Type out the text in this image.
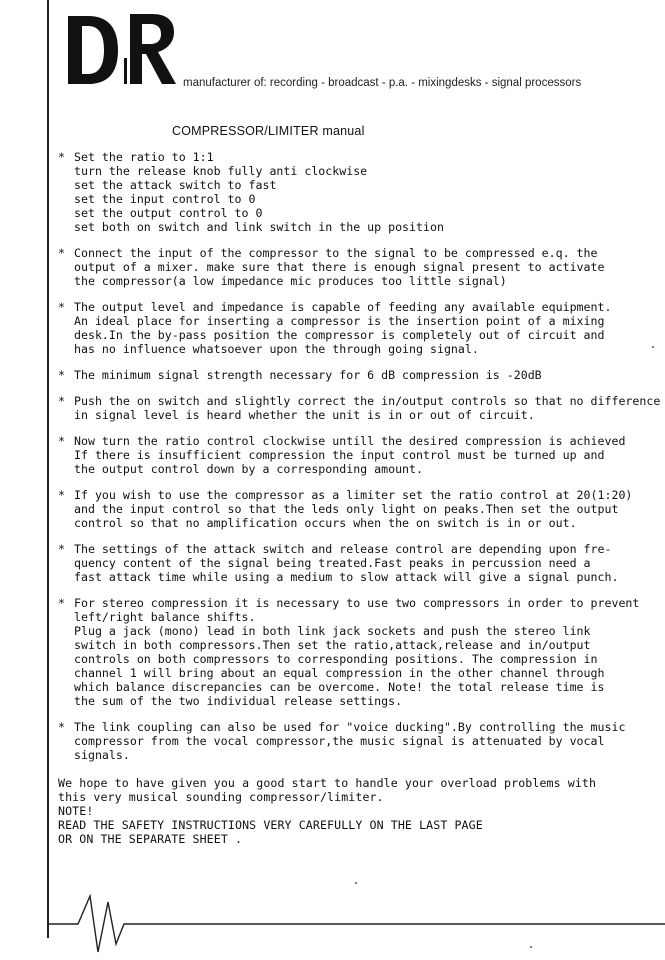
manufacturer of: recording - broadcast - p.a. - mixingdesks - signal processors
COMPRESSOR/LIMITER manual
* Set the ratio to 1:1
turn the release knob fully anti clockwise
set the attack switch to fast
set the input control to 0
set the output control to 0
set both on switch and link switch in the up position
* Connect the input of the compressor to the signal to be compressed e.q. the
output of a mixer. make sure that there is enough signal present to activate
the compressor(a low impedance mic produces too little signal)
* The output level and impedance is capable of feeding any available equipment.
An ideal place for inserting a compressor is the insertion point of a mixing
desk.In the by-pass position the compressor is completely out of circuit and
has no influence whatsoever upon the through going signal.
* The minimum signal strength necessary for 6 dB compression is -20dB
* Push the on switch and slightly correct the in/output controls so that no difference
in signal level is heard whether the unit is in or out of circuit.
* Now turn the ratio control clockwise untill the desired compression is achieved
If there is insufficient compression the input control must be turned up and
the output control down by a corresponding amount.
* If you wish to use the compressor as a limiter set the ratio control at 20(1:20)
and the input control so that the leds only light on peaks.Then set the output
control so that no amplification occurs when the on switch is in or out.
* The settings of the attack switch and release control are depending upon fre-
quency content of the signal being treated.Fast peaks in percussion need a
fast attack time while using a medium to slow attack will give a signal punch.
* For stereo compression it is necessary to use two compressors in order to prevent
left/right balance shifts.
Plug a jack (mono) lead in both link jack sockets and push the stereo link
switch in both compressors.Then set the ratio,attack,release and in/output
controls on both compressors to corresponding positions. The compression in
channel 1 will bring about an equal compression in the other channel through
which balance discrepancies can be overcome. Note! the total release time is
the sum of the two individual release settings.
* The link coupling can also be used for "voice ducking".By controlling the music
compressor from the vocal compressor,the music signal is attenuated by vocal
signals.
We hope to have given you a good start to handle your overload problems with
this very musical sounding compressor/limiter.
NOTE!
READ THE SAFETY INSTRUCTIONS VERY CAREFULLY ON THE LAST PAGE
OR ON THE SEPARATE SHEET .
